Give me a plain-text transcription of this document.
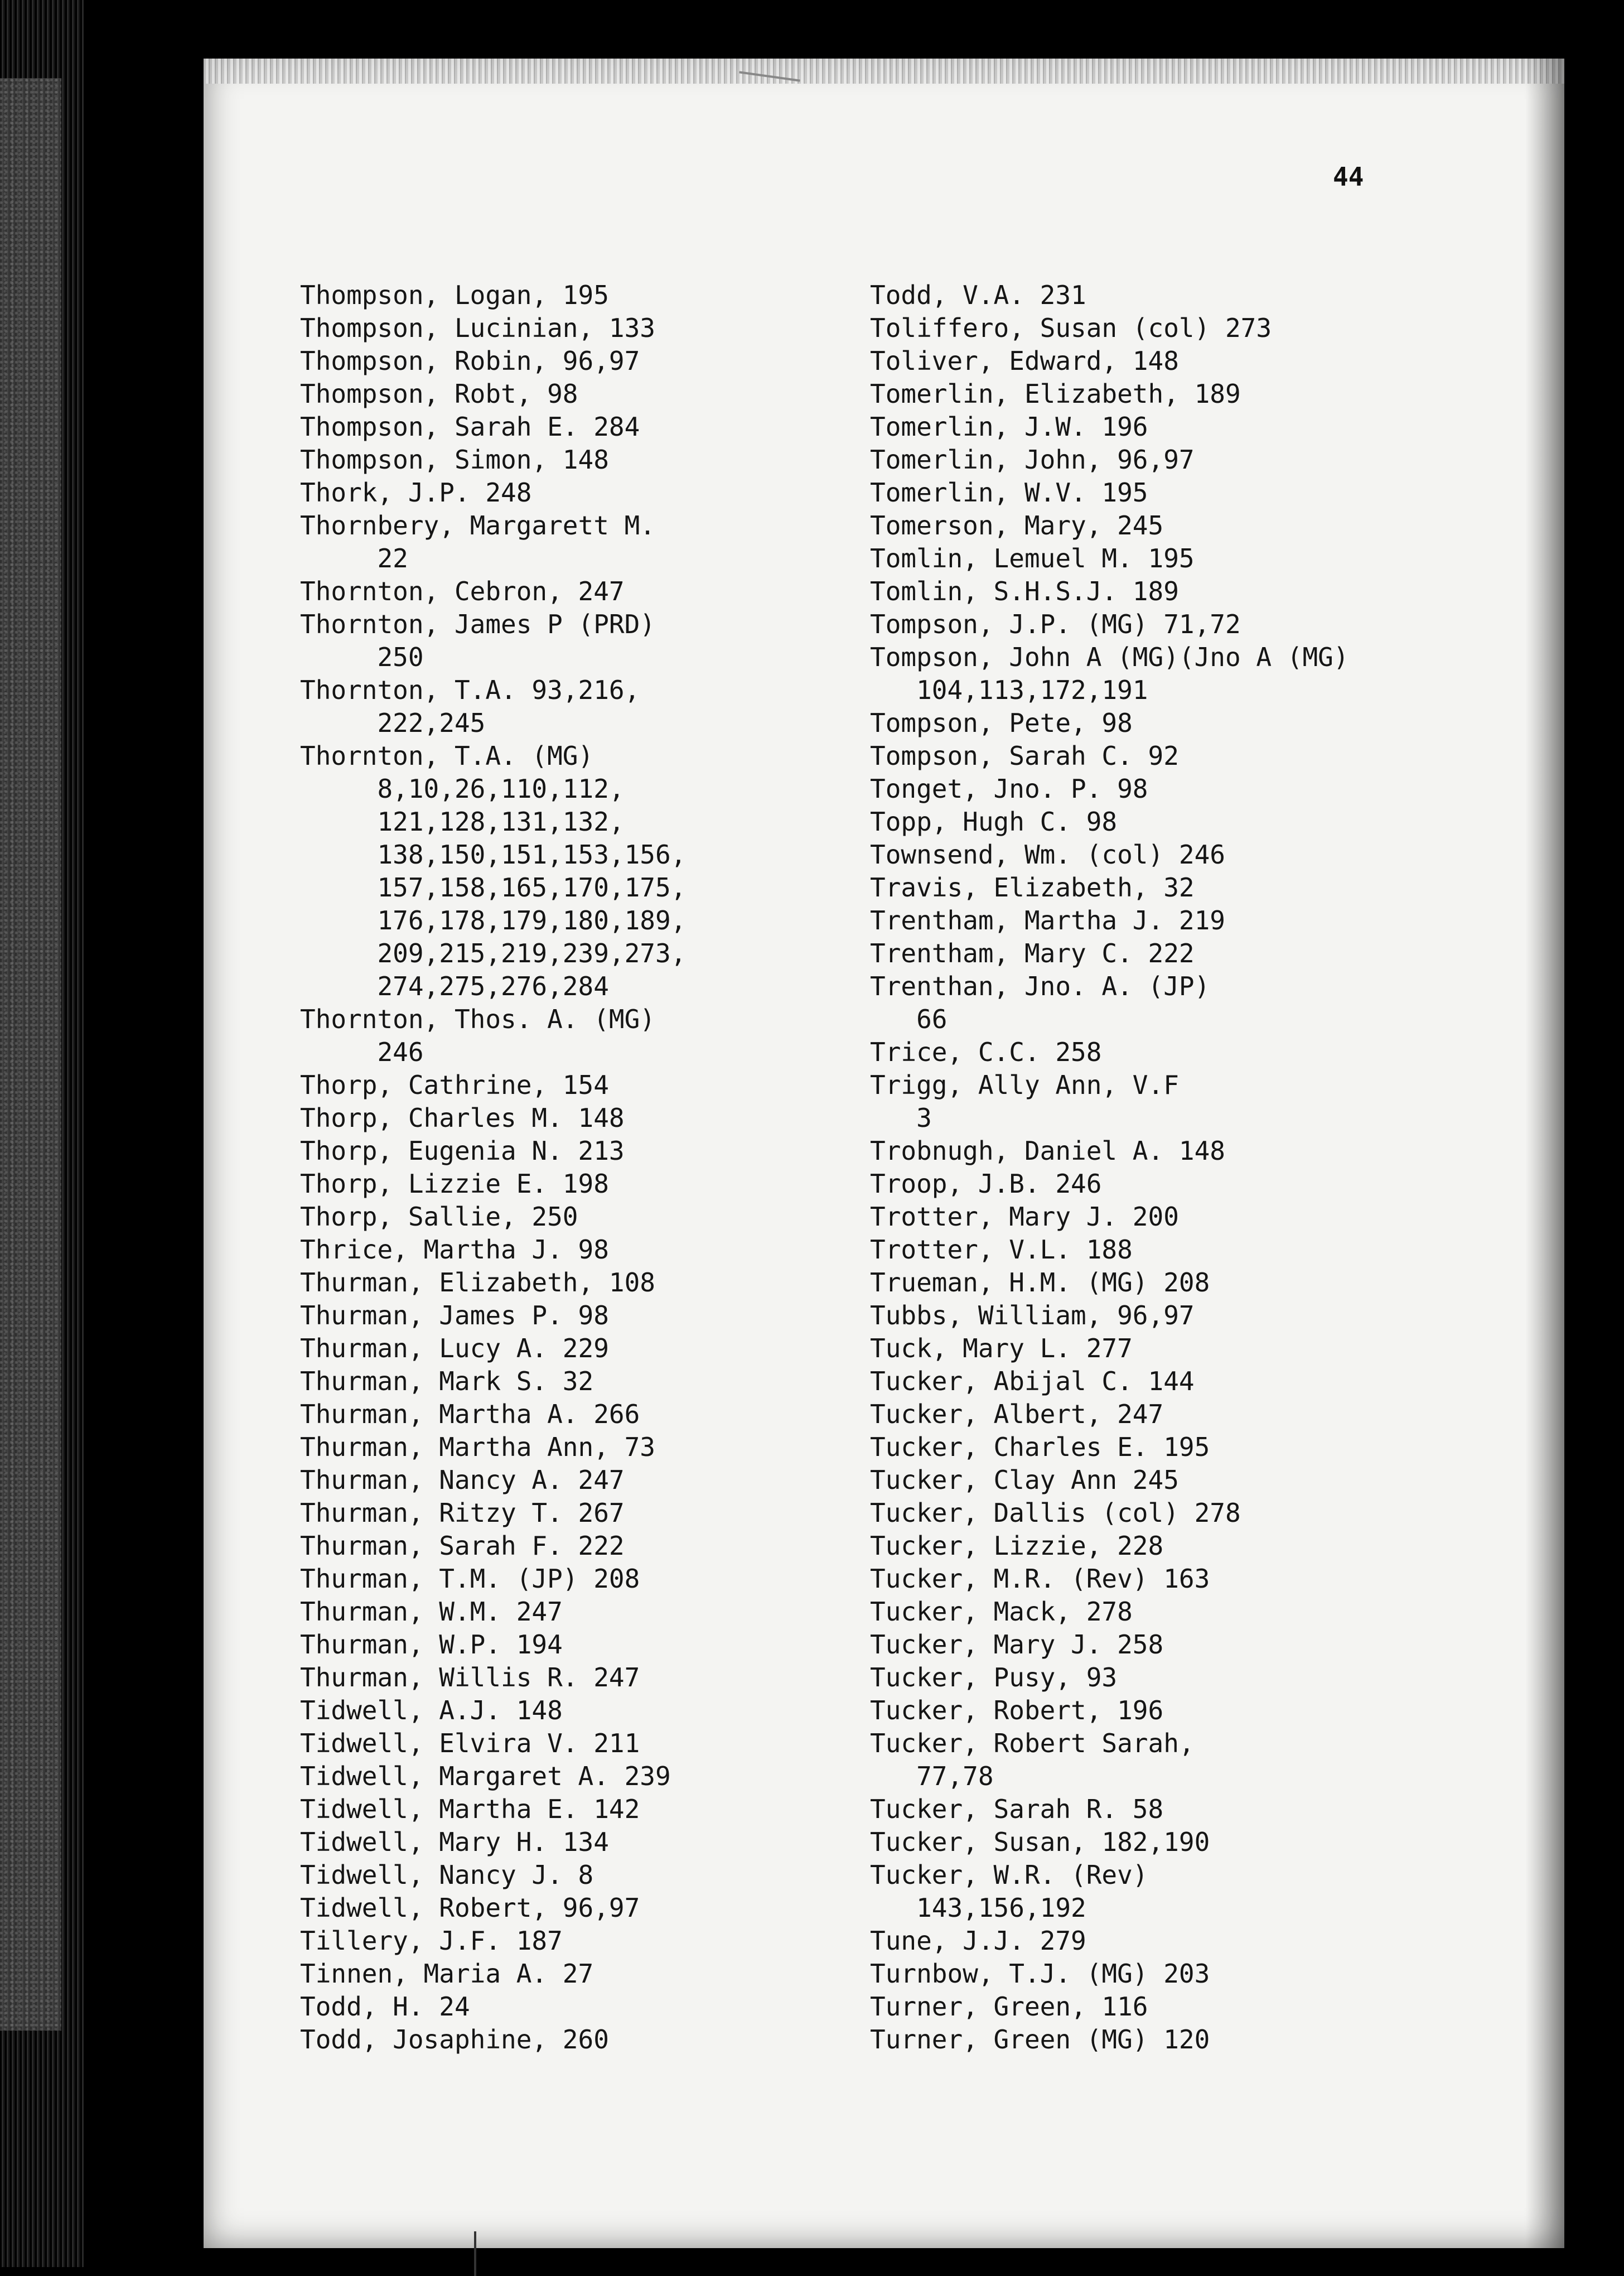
44
Thompson, Logan, 195
Thompson, Lucinian, 133
Thompson, Robin, 96,97
Thompson, Robt, 98
Thompson, Sarah E. 284
Thompson, Simon, 148
Thork, J.P. 248
Thornbery, Margarett M.
22
Thornton, Cebron, 247
Thornton, James P (PRD)
250
Thornton, T.A. 93,216,
222,245
Thornton, T.A. (MG)
8,10,26,110,112,
121,128,131,132,
138,150,151,153,156,
157,158,165,170,175,
176,178,179,180,189,
209,215,219,239,273,
274,275,276,284
Thornton, Thos. A. (MG)
246
Thorp, Cathrine, 154
Thorp, Charles M. 148
Thorp, Eugenia N. 213
Thorp, Lizzie E. 198
Thorp, Sallie, 250
Thrice, Martha J. 98
Thurman, Elizabeth, 108
Thurman, James P. 98
Thurman, Lucy A. 229
Thurman, Mark S. 32
Thurman, Martha A. 266
Thurman, Martha Ann, 73
Thurman, Nancy A. 247
Thurman, Ritzy T. 267
Thurman, Sarah F. 222
Thurman, T.M. (JP) 208
Thurman, W.M. 247
Thurman, W.P. 194
Thurman, Willis R. 247
Tidwell, A.J. 148
Tidwell, Elvira V. 211
Tidwell, Margaret A. 239
Tidwell, Martha E. 142
Tidwell, Mary H. 134
Tidwell, Nancy J. 8
Tidwell, Robert, 96,97
Tillery, J.F. 187
Tinnen, Maria A. 27
Todd, H. 24
Todd, Josaphine, 260
Todd, V.A. 231
Toliffero, Susan (col) 273
Toliver, Edward, 148
Tomerlin, Elizabeth, 189
Tomerlin, J.W. 196
Tomerlin, John, 96,97
Tomerlin, W.V. 195
Tomerson, Mary, 245
Tomlin, Lemuel M. 195
Tomlin, S.H.S.J. 189
Tompson, J.P. (MG) 71,72
Tompson, John A (MG)(Jno A (MG)
104,113,172,191
Tompson, Pete, 98
Tompson, Sarah C. 92
Tonget, Jno. P. 98
Topp, Hugh C. 98
Townsend, Wm. (col) 246
Travis, Elizabeth, 32
Trentham, Martha J. 219
Trentham, Mary C. 222
Trenthan, Jno. A. (JP)
66
Trice, C.C. 258
Trigg, Ally Ann, V.F
3
Trobnugh, Daniel A. 148
Troop, J.B. 246
Trotter, Mary J. 200
Trotter, V.L. 188
Trueman, H.M. (MG) 208
Tubbs, William, 96,97
Tuck, Mary L. 277
Tucker, Abijal C. 144
Tucker, Albert, 247
Tucker, Charles E. 195
Tucker, Clay Ann 245
Tucker, Dallis (col) 278
Tucker, Lizzie, 228
Tucker, M.R. (Rev) 163
Tucker, Mack, 278
Tucker, Mary J. 258
Tucker, Pusy, 93
Tucker, Robert, 196
Tucker, Robert Sarah,
77,78
Tucker, Sarah R. 58
Tucker, Susan, 182,190
Tucker, W.R. (Rev)
143,156,192
Tune, J.J. 279
Turnbow, T.J. (MG) 203
Turner, Green, 116
Turner, Green (MG) 120
